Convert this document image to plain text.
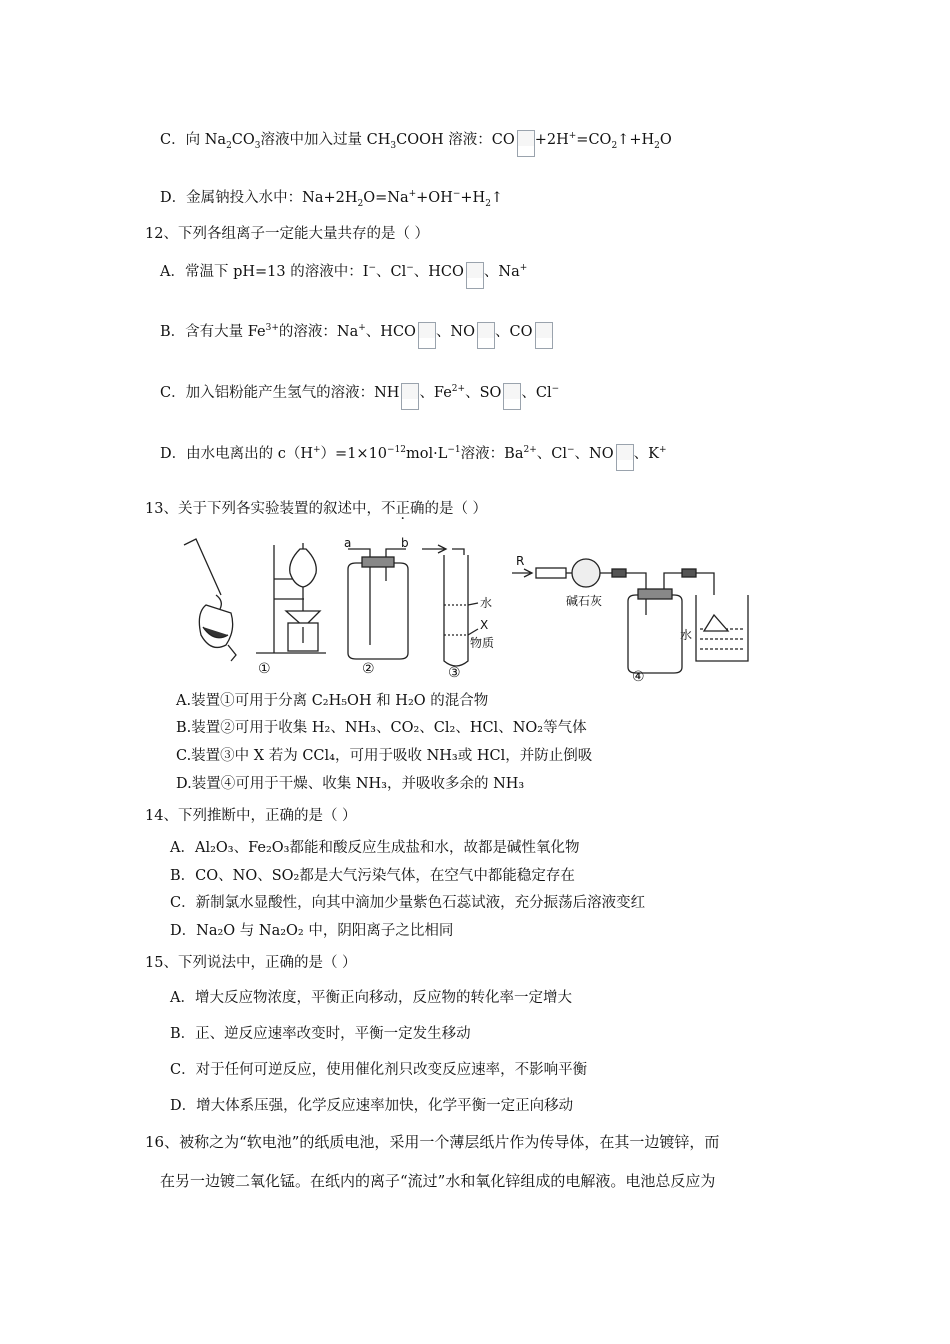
C．向 $Na_2CO_3$溶液中加入过量 $CH_3COOH$ 溶液：CO $+2H^+=CO_2↑+H_2O$
D．金属钠投入水中：$Na+2H_2O=Na^++OH^-+H_2↑$
12、下列各组离子一定能大量共存的是（ ）
A．常温下 pH=13 的溶液中：I−、Cl−、HCO 、Na+
B．含有大量 $Fe^{3+}$的溶液：Na+、HCO 、NO 、CO
C．加入铝粉能产生氢气的溶液：NH 、$Fe^{2+}$、SO 、Cl−
D．由水电离出的 $c(H^+)=1\times 10^{-12}mol\cdot L^{-1}$溶液：$Ba^{2+}$、Cl−、NO 、K+
13、关于下列各实验装置的叙述中，不正确的是（ ）
a	b
水
X
物质
R
碱石灰
水
①	②	③	④
A.装置①可用于分离 C₂H₅OH 和 H₂O 的混合物
B.装置②可用于收集 H₂、NH₃、CO₂、Cl₂、HCl、NO₂等气体
C.装置③中 X 若为 CCl₄，可用于吸收 NH₃或 HCl，并防止倒吸
D.装置④可用于干燥、收集 NH₃，并吸收多余的 NH₃
14、下列推断中，正确的是（ ）
A．Al₂O₃、Fe₂O₃都能和酸反应生成盐和水，故都是碱性氧化物
B．CO、NO、SO₂都是大气污染气体，在空气中都能稳定存在
C．新制氯水显酸性，向其中滴加少量紫色石蕊试液，充分振荡后溶液变红
D．Na₂O 与 Na₂O₂ 中，阴阳离子之比相同
15、下列说法中，正确的是（ ）
A．增大反应物浓度，平衡正向移动，反应物的转化率一定增大
B．正、逆反应速率改变时，平衡一定发生移动
C．对于任何可逆反应，使用催化剂只改变反应速率，不影响平衡
D．增大体系压强，化学反应速率加快，化学平衡一定正向移动
16、被称之为“软电池”的纸质电池，采用一个薄层纸片作为传导体，在其一边镀锌，而
在另一边镀二氧化锰。在纸内的离子“流过”水和氧化锌组成的电解液。电池总反应为
